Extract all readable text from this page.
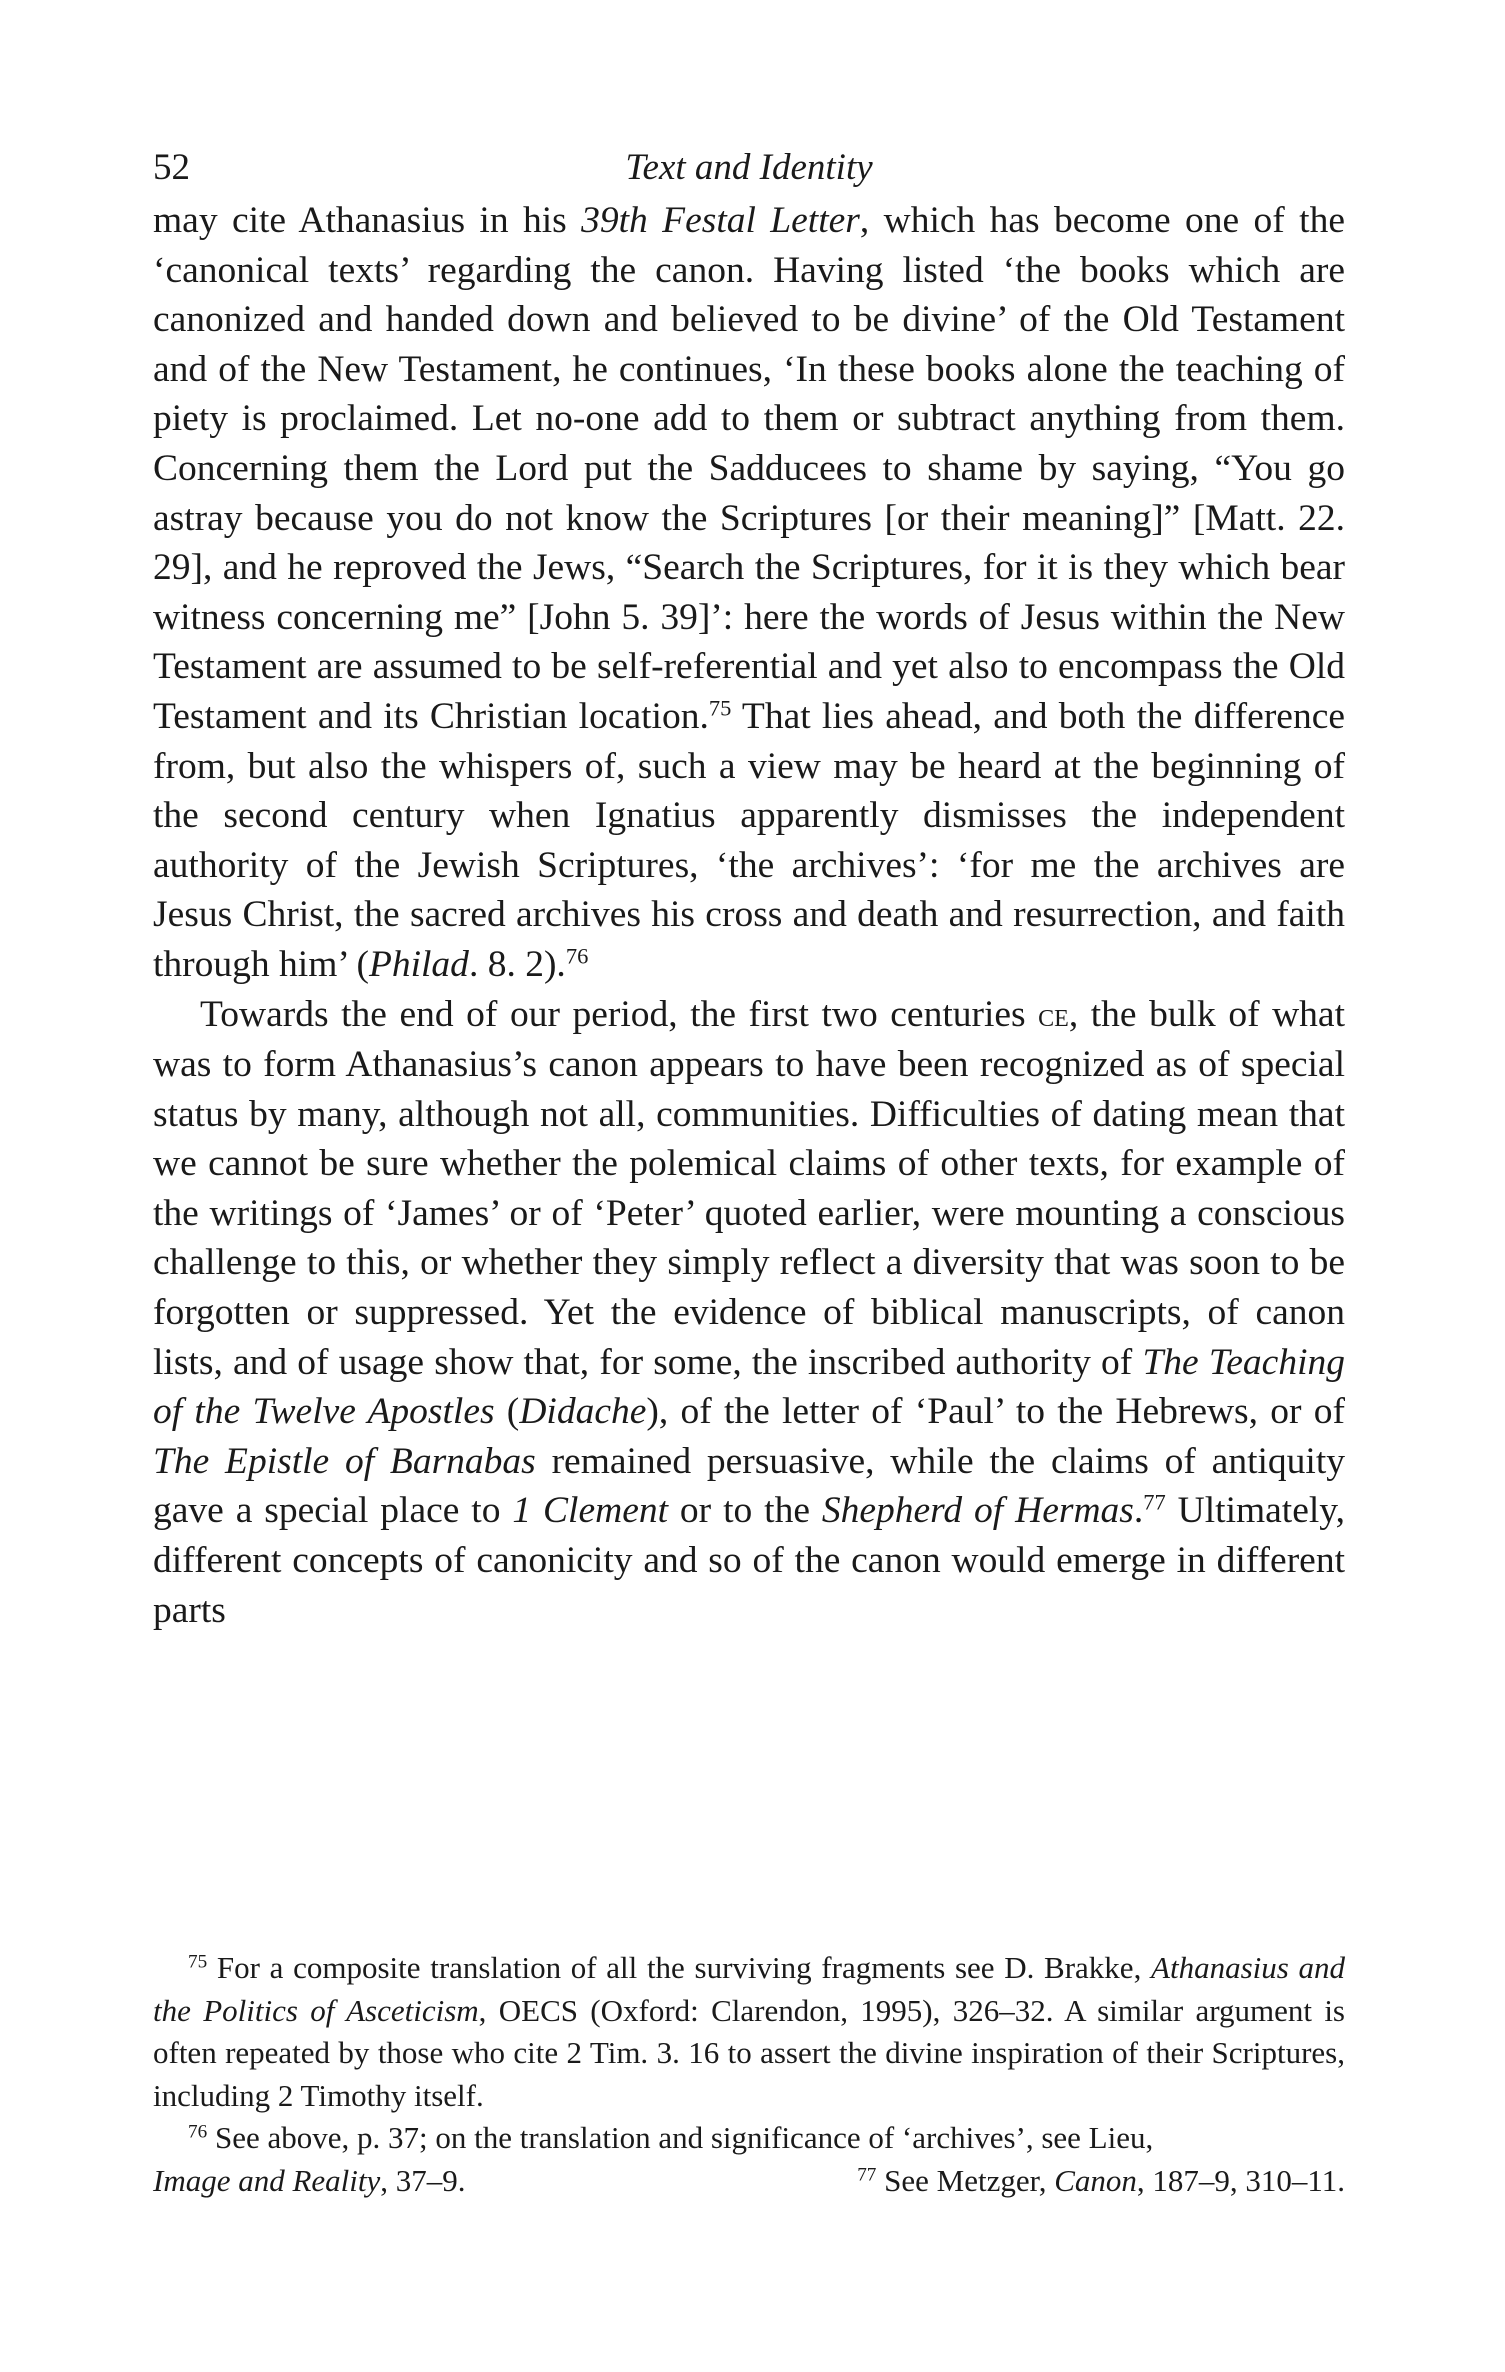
52	Text and Identity

may cite Athanasius in his 39th Festal Letter, which has become one of the ‘canonical texts’ regarding the canon. Having listed ‘the books which are canonized and handed down and believed to be divine’ of the Old Testament and of the New Testament, he continues, ‘In these books alone the teaching of piety is proclaimed. Let no-one add to them or subtract anything from them. Concerning them the Lord put the Sadducees to shame by saying, “You go astray because you do not know the Scriptures [or their meaning]” [Matt. 22. 29], and he reproved the Jews, “Search the Scriptures, for it is they which bear witness concerning me” [John 5. 39]’: here the words of Jesus within the New Testament are assumed to be self-referential and yet also to encompass the Old Testament and its Christian location.$^{75}$ That lies ahead, and both the difference from, but also the whispers of, such a view may be heard at the beginning of the second century when Ignatius apparently dismisses the independent authority of the Jewish Scriptures, ‘the archives’: ‘for me the archives are Jesus Christ, the sacred archives his cross and death and resurrection, and faith through him’ (Philad. 8. 2).$^{76}$

Towards the end of our period, the first two centuries ce, the bulk of what was to form Athanasius’s canon appears to have been recognized as of special status by many, although not all, communities. Difficulties of dating mean that we cannot be sure whether the polemical claims of other texts, for example of the writings of ‘James’ or of ‘Peter’ quoted earlier, were mounting a conscious challenge to this, or whether they simply reflect a diversity that was soon to be forgotten or suppressed. Yet the evidence of biblical manuscripts, of canon lists, and of usage show that, for some, the inscribed authority of The Teaching of the Twelve Apostles (Didache), of the letter of ‘Paul’ to the Hebrews, or of The Epistle of Barnabas remained persuasive, while the claims of antiquity gave a special place to 1 Clement or to the Shepherd of Hermas.$^{77}$ Ultimately, different concepts of canonicity and so of the canon would emerge in different parts

$^{75}$ For a composite translation of all the surviving fragments see D. Brakke, Athanasius and the Politics of Asceticism, OECS (Oxford: Clarendon, 1995), 326–32. A similar argument is often repeated by those who cite 2 Tim. 3. 16 to assert the divine inspiration of their Scriptures, including 2 Timothy itself.

$^{76}$ See above, p. 37; on the translation and significance of ‘archives’, see Lieu,

Image and Reality, 37–9.	$^{77}$ See Metzger, Canon, 187–9, 310–11.
